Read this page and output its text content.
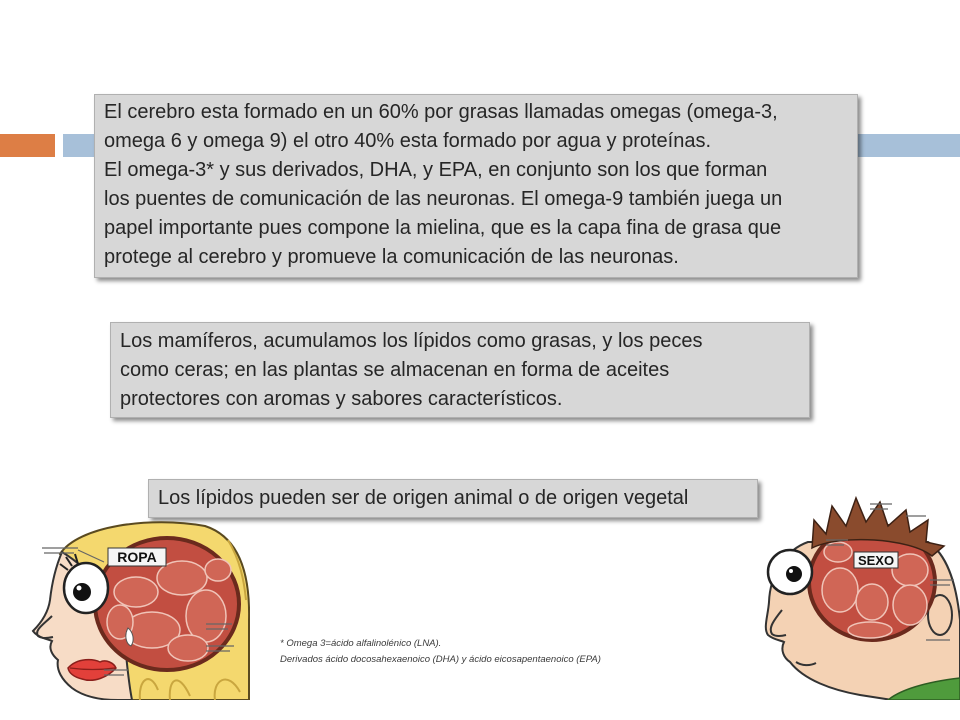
El cerebro esta formado en un 60% por grasas llamadas omegas (omega-3,
omega 6 y omega 9) el otro 40% esta formado por agua y proteínas.
El omega-3* y sus derivados, DHA, y EPA, en conjunto son los que forman
los puentes de comunicación de las neuronas. El omega-9 también juega un
papel importante pues compone la mielina, que es la capa fina de grasa que
protege al cerebro y promueve la comunicación de las neuronas.
Los mamíferos, acumulamos los lípidos como grasas, y los peces
como ceras; en las plantas se almacenan en forma de aceites
protectores con aromas y sabores característicos.
Los lípidos pueden ser de origen animal o de origen vegetal
* Omega 3=ácido alfalinolénico (LNA).
Derivados ácido docosahexaenoico (DHA) y ácido eicosapentaenoico (EPA)
ROPA	SEXO
